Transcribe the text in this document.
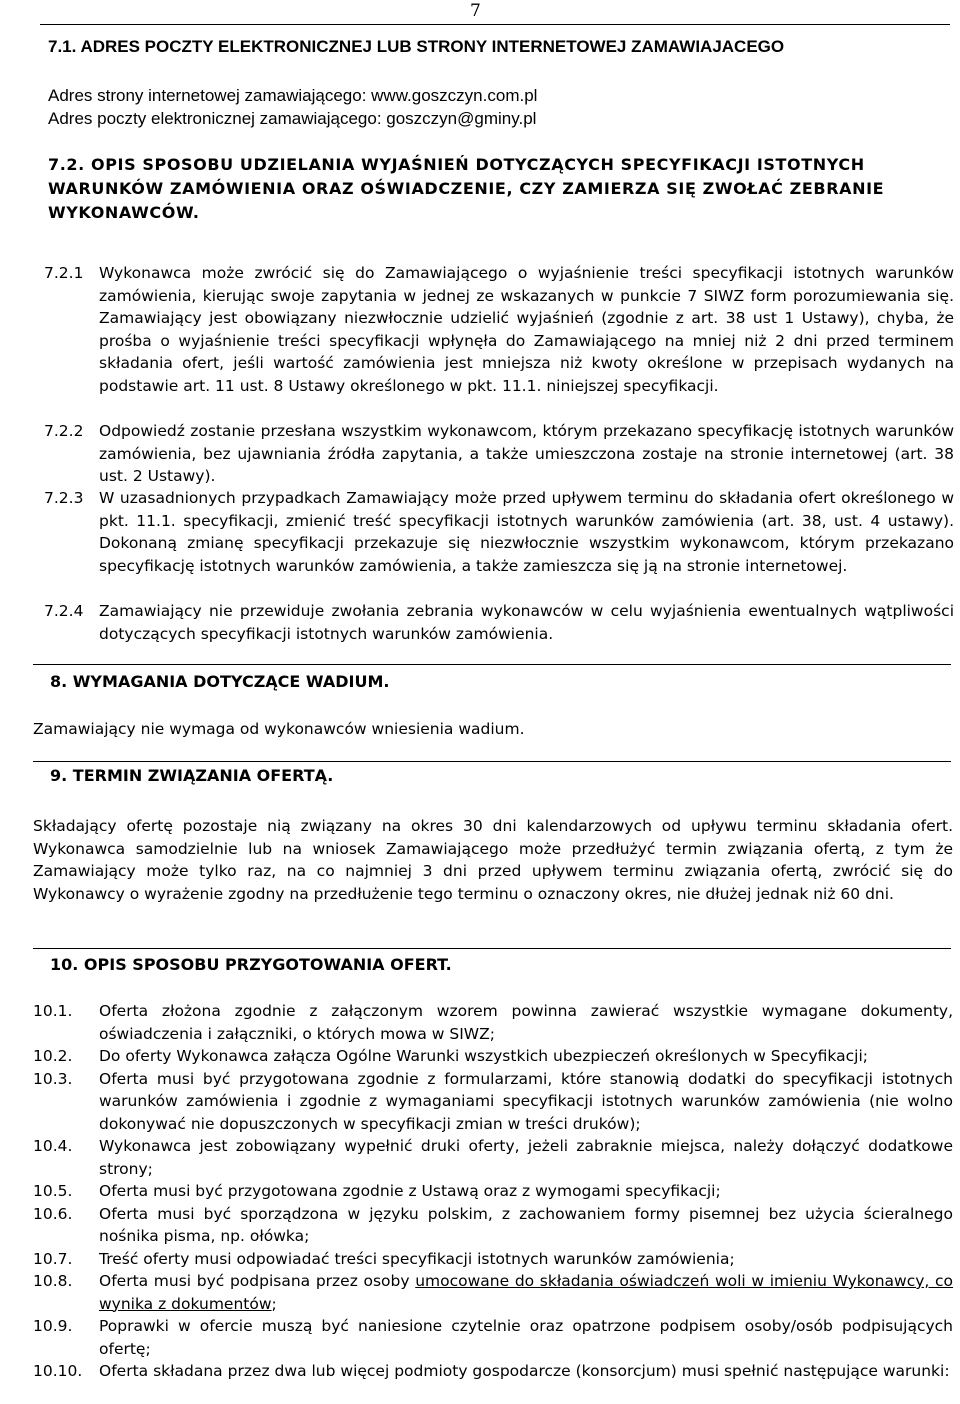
7
7.1. ADRES POCZTY ELEKTRONICZNEJ LUB STRONY INTERNETOWEJ ZAMAWIAJACEGO
Adres strony internetowej zamawiającego: www.goszczyn.com.pl
Adres poczty elektronicznej zamawiającego: goszczyn@gminy.pl
7.2. OPIS SPOSOBU UDZIELANIA WYJAŚNIEŃ DOTYCZĄCYCH SPECYFIKACJI ISTOTNYCH
WARUNKÓW ZAMÓWIENIA ORAZ OŚWIADCZENIE, CZY ZAMIERZA SIĘ ZWOŁAĆ ZEBRANIE
WYKONAWCÓW.
7.2.1 Wykonawca może zwrócić się do Zamawiającego o wyjaśnienie treści specyfikacji istotnych warunków zamówienia, kierując swoje zapytania w jednej ze wskazanych w punkcie 7 SIWZ form porozumiewania się. Zamawiający jest obowiązany niezwłocznie udzielić wyjaśnień (zgodnie z art. 38 ust 1 Ustawy), chyba, że prośba o wyjaśnienie treści specyfikacji wpłynęła do Zamawiającego na mniej niż 2 dni przed terminem składania ofert, jeśli wartość zamówienia jest mniejsza niż kwoty określone w przepisach wydanych na podstawie art. 11 ust. 8 Ustawy określonego w pkt. 11.1. niniejszej specyfikacji.
7.2.2 Odpowiedź zostanie przesłana wszystkim wykonawcom, którym przekazano specyfikację istotnych warunków zamówienia, bez ujawniania źródła zapytania, a także umieszczona zostaje na stronie internetowej (art. 38 ust. 2 Ustawy).
7.2.3 W uzasadnionych przypadkach Zamawiający może przed upływem terminu do składania ofert określonego w pkt. 11.1. specyfikacji, zmienić treść specyfikacji istotnych warunków zamówienia (art. 38, ust. 4 ustawy). Dokonaną zmianę specyfikacji przekazuje się niezwłocznie wszystkim wykonawcom, którym przekazano specyfikację istotnych warunków zamówienia, a także zamieszcza się ją na stronie internetowej.
7.2.4 Zamawiający nie przewiduje zwołania zebrania wykonawców w celu wyjaśnienia ewentualnych wątpliwości dotyczących specyfikacji istotnych warunków zamówienia.
8. WYMAGANIA DOTYCZĄCE WADIUM.
Zamawiający nie wymaga od wykonawców wniesienia wadium.
9. TERMIN ZWIĄZANIA OFERTĄ.
Składający ofertę pozostaje nią związany na okres 30 dni kalendarzowych od upływu terminu składania ofert. Wykonawca samodzielnie lub na wniosek Zamawiającego może przedłużyć termin związania ofertą, z tym że Zamawiający może tylko raz, na co najmniej 3 dni przed upływem terminu związania ofertą, zwrócić się do Wykonawcy o wyrażenie zgodny na przedłużenie tego terminu o oznaczony okres, nie dłużej jednak niż 60 dni.
10. OPIS SPOSOBU PRZYGOTOWANIA OFERT.
10.1. Oferta złożona zgodnie z załączonym wzorem powinna zawierać wszystkie wymagane dokumenty, oświadczenia i załączniki, o których mowa w SIWZ;
10.2. Do oferty Wykonawca załącza Ogólne Warunki wszystkich ubezpieczeń określonych w Specyfikacji;
10.3. Oferta musi być przygotowana zgodnie z formularzami, które stanowią dodatki do specyfikacji istotnych warunków zamówienia i zgodnie z wymaganiami specyfikacji istotnych warunków zamówienia (nie wolno dokonywać nie dopuszczonych w specyfikacji zmian w treści druków);
10.4. Wykonawca jest zobowiązany wypełnić druki oferty, jeżeli zabraknie miejsca, należy dołączyć dodatkowe strony;
10.5. Oferta musi być przygotowana zgodnie z Ustawą oraz z wymogami specyfikacji;
10.6. Oferta musi być sporządzona w języku polskim, z zachowaniem formy pisemnej bez użycia ścieralnego nośnika pisma, np. ołówka;
10.7. Treść oferty musi odpowiadać treści specyfikacji istotnych warunków zamówienia;
10.8. Oferta musi być podpisana przez osoby umocowane do składania oświadczeń woli w imieniu Wykonawcy, co wynika z dokumentów;
10.9. Poprawki w ofercie muszą być naniesione czytelnie oraz opatrzone podpisem osoby/osób podpisujących ofertę;
10.10. Oferta składana przez dwa lub więcej podmioty gospodarcze (konsorcjum) musi spełnić następujące warunki:
